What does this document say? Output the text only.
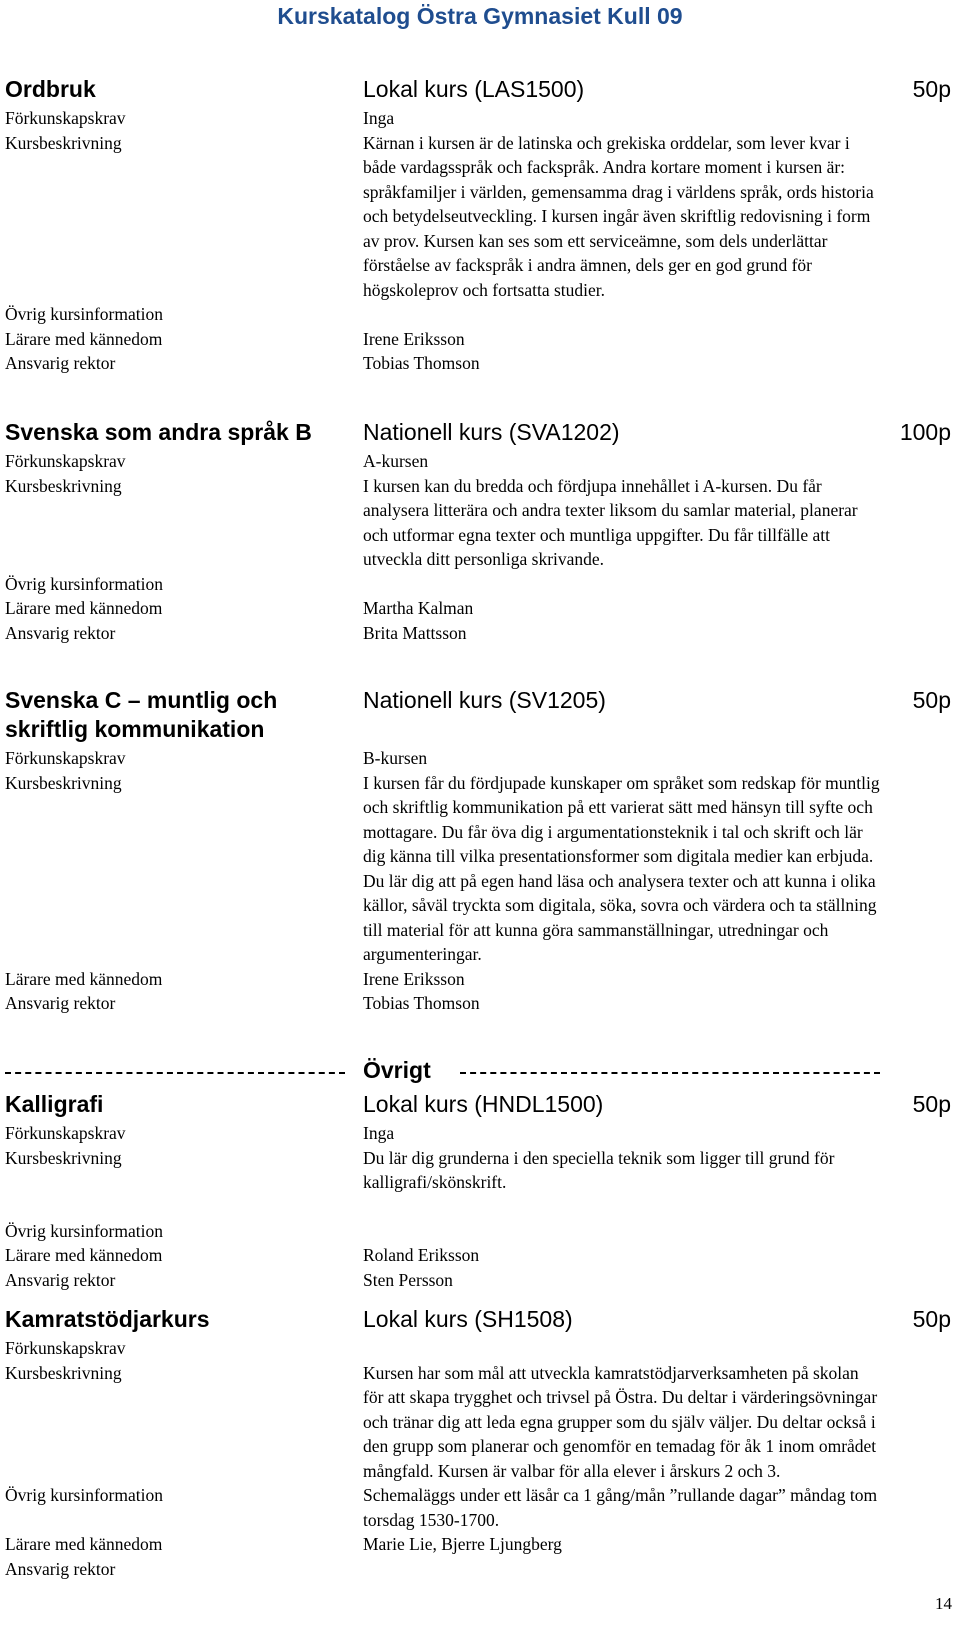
Kurskatalog Östra Gymnasiet Kull 09
Ordbruk	Lokal kurs (LAS1500)	50p
Förkunskapskrav	Inga
Kursbeskrivning	Kärnan i kursen är de latinska och grekiska orddelar, som lever kvar i både vardagsspråk och fackspråk. Andra kortare moment i kursen är: språkfamiljer i världen, gemensamma drag i världens språk, ords historia och betydelseutveckling. I kursen ingår även skriftlig redovisning i form av prov. Kursen kan ses som ett serviceämne, som dels underlättar förståelse av fackspråk i andra ämnen, dels ger en god grund för högskoleprov och fortsatta studier.
Övrig kursinformation
Lärare med kännedom	Irene Eriksson
Ansvarig rektor	Tobias Thomson
Svenska som andra språk B	Nationell kurs (SVA1202)	100p
Förkunskapskrav	A-kursen
Kursbeskrivning	I kursen kan du bredda och fördjupa innehållet i A-kursen. Du får analysera litterära och andra texter liksom du samlar material, planerar och utformar egna texter och muntliga uppgifter. Du får tillfälle att utveckla ditt personliga skrivande.
Övrig kursinformation
Lärare med kännedom	Martha Kalman
Ansvarig rektor	Brita Mattsson
Svenska C – muntlig och skriftlig kommunikation
Nationell kurs (SV1205)	50p
Förkunskapskrav	B-kursen
Kursbeskrivning	I kursen får du fördjupade kunskaper om språket som redskap för muntlig och skriftlig kommunikation på ett varierat sätt med hänsyn till syfte och mottagare. Du får öva dig i argumentationsteknik i tal och skrift och lär dig känna till vilka presentationsformer som digitala medier kan erbjuda. Du lär dig att på egen hand läsa och analysera texter och att kunna i olika källor, såväl tryckta som digitala, söka, sovra och värdera och ta ställning till material för att kunna göra sammanställningar, utredningar och argumenteringar.
Lärare med kännedom	Irene Eriksson
Ansvarig rektor	Tobias Thomson
Övrigt
Kalligrafi	Lokal kurs (HNDL1500)	50p
Förkunskapskrav	Inga
Kursbeskrivning	Du lär dig grunderna i den speciella teknik som ligger till grund för kalligrafi/skönskrift.
Övrig kursinformation
Lärare med kännedom	Roland Eriksson
Ansvarig rektor	Sten Persson
Kamratstödjarkurs	Lokal kurs (SH1508)	50p
Förkunskapskrav
Kursbeskrivning	Kursen har som mål att utveckla kamratstödjarverksamheten på skolan för att skapa trygghet och trivsel på Östra. Du deltar i värderingsövningar och tränar dig att leda egna grupper som du själv väljer. Du deltar också i den grupp som planerar och genomför en temadag för åk 1 inom området mångfald. Kursen är valbar för alla elever i årskurs 2 och 3.
Övrig kursinformation	Schemaläggs under ett läsår ca 1 gång/mån ”rullande dagar” måndag tom torsdag 1530-1700.
Lärare med kännedom	Marie Lie, Bjerre Ljungberg
Ansvarig rektor
14
